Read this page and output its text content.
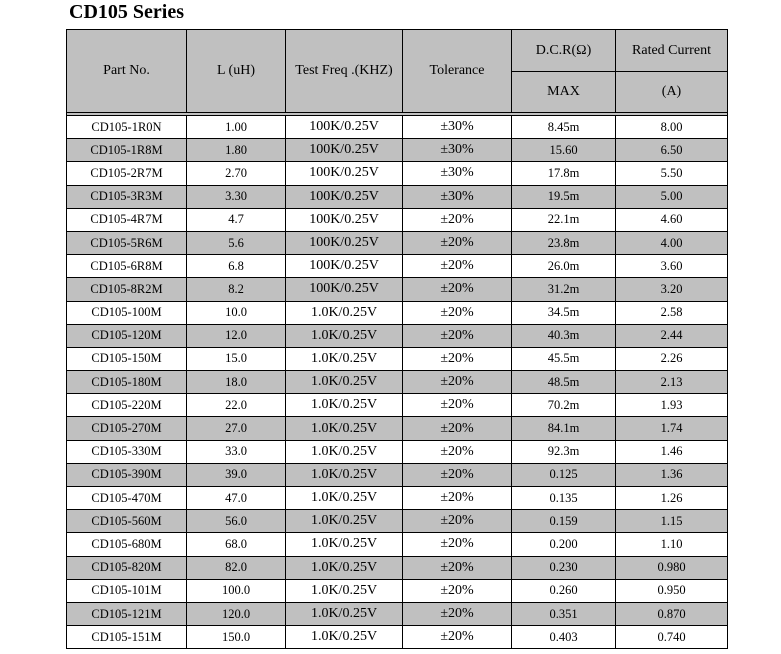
CD105 Series
Part No.	L (uH)	Test Freq .(KHZ)	Tolerance	D.C.R(Ω)	Rated Current
				MAX	(A)

CD105-1R0N	1.00	100K/0.25V	±30%	8.45m	8.00
CD105-1R8M	1.80	100K/0.25V	±30%	15.60	6.50
CD105-2R7M	2.70	100K/0.25V	±30%	17.8m	5.50
CD105-3R3M	3.30	100K/0.25V	±30%	19.5m	5.00
CD105-4R7M	4.7	100K/0.25V	±20%	22.1m	4.60
CD105-5R6M	5.6	100K/0.25V	±20%	23.8m	4.00
CD105-6R8M	6.8	100K/0.25V	±20%	26.0m	3.60
CD105-8R2M	8.2	100K/0.25V	±20%	31.2m	3.20
CD105-100M	10.0	1.0K/0.25V	±20%	34.5m	2.58
CD105-120M	12.0	1.0K/0.25V	±20%	40.3m	2.44
CD105-150M	15.0	1.0K/0.25V	±20%	45.5m	2.26
CD105-180M	18.0	1.0K/0.25V	±20%	48.5m	2.13
CD105-220M	22.0	1.0K/0.25V	±20%	70.2m	1.93
CD105-270M	27.0	1.0K/0.25V	±20%	84.1m	1.74
CD105-330M	33.0	1.0K/0.25V	±20%	92.3m	1.46
CD105-390M	39.0	1.0K/0.25V	±20%	0.125	1.36
CD105-470M	47.0	1.0K/0.25V	±20%	0.135	1.26
CD105-560M	56.0	1.0K/0.25V	±20%	0.159	1.15
CD105-680M	68.0	1.0K/0.25V	±20%	0.200	1.10
CD105-820M	82.0	1.0K/0.25V	±20%	0.230	0.980
CD105-101M	100.0	1.0K/0.25V	±20%	0.260	0.950
CD105-121M	120.0	1.0K/0.25V	±20%	0.351	0.870
CD105-151M	150.0	1.0K/0.25V	±20%	0.403	0.740
